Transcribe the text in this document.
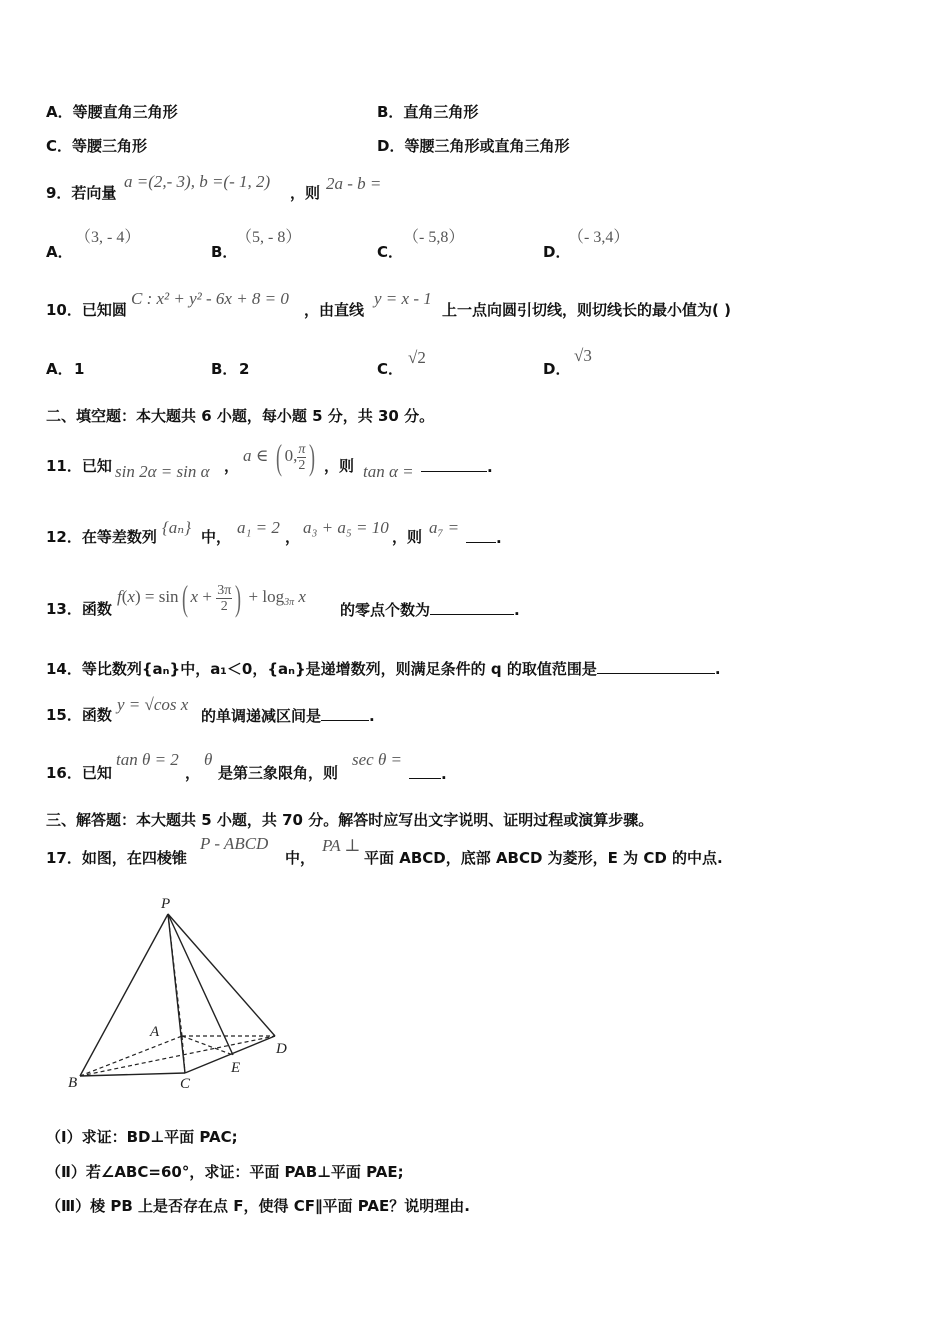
A．等腰直角三角形	B．直角三角形
C．等腰三角形	D．等腰三角形或直角三角形
9．若向量
a =(2,- 3), b =(- 1, 2)
，则 2a - b =
A．
（3, - 4）
B．
（5, - 8）
C．
（- 5,8）
D．
（- 3,4）
10．已知圆
C : x² + y² - 6x + 8 = 0
，由直线
y = x - 1
上一点向圆引切线，则切线长的最小值为( )
A． 1	B． 2	C．
√2
D．
√3
二、填空题：本大题共 6 小题，每小题 5 分，共 30 分。
11．已知 sin 2α = sin α ，
a ∈ ( 0, $\frac{\pi}{2}$ ) ，则 tan α =	.
12．在等差数列 {aₙ} 中， a₁ = 2 ， a₃ + a₅ = 10 ，则 a₇ =
.
13．函数
f(x) = sin( $x + \frac{3\pi}{2}$ ) + $\log_{3\pi} x$
的零点个数为	.
14．等比数列{aₙ}中，a₁＜0，{aₙ}是递增数列，则满足条件的 q 的取值范围是	.
15．函数
y = √cos x
的单调递减区间是	.
16．已知
tan θ = 2
，
θ
是第三象限角，则
sec θ =
.
三、解答题：本大题共 5 小题，共 70 分。解答时应写出文字说明、证明过程或演算步骤。
17．如图，在四棱锥
P - ABCD
中，
PA ⊥
平面 ABCD，底部 ABCD 为菱形，E 为 CD 的中点.
P
A
B	C
E
D
（Ⅰ）求证：BD⊥平面 PAC;
（Ⅱ）若∠ABC=60°，求证：平面 PAB⊥平面 PAE;
（Ⅲ）棱 PB 上是否存在点 F，使得 CF∥平面 PAE？说明理由.
